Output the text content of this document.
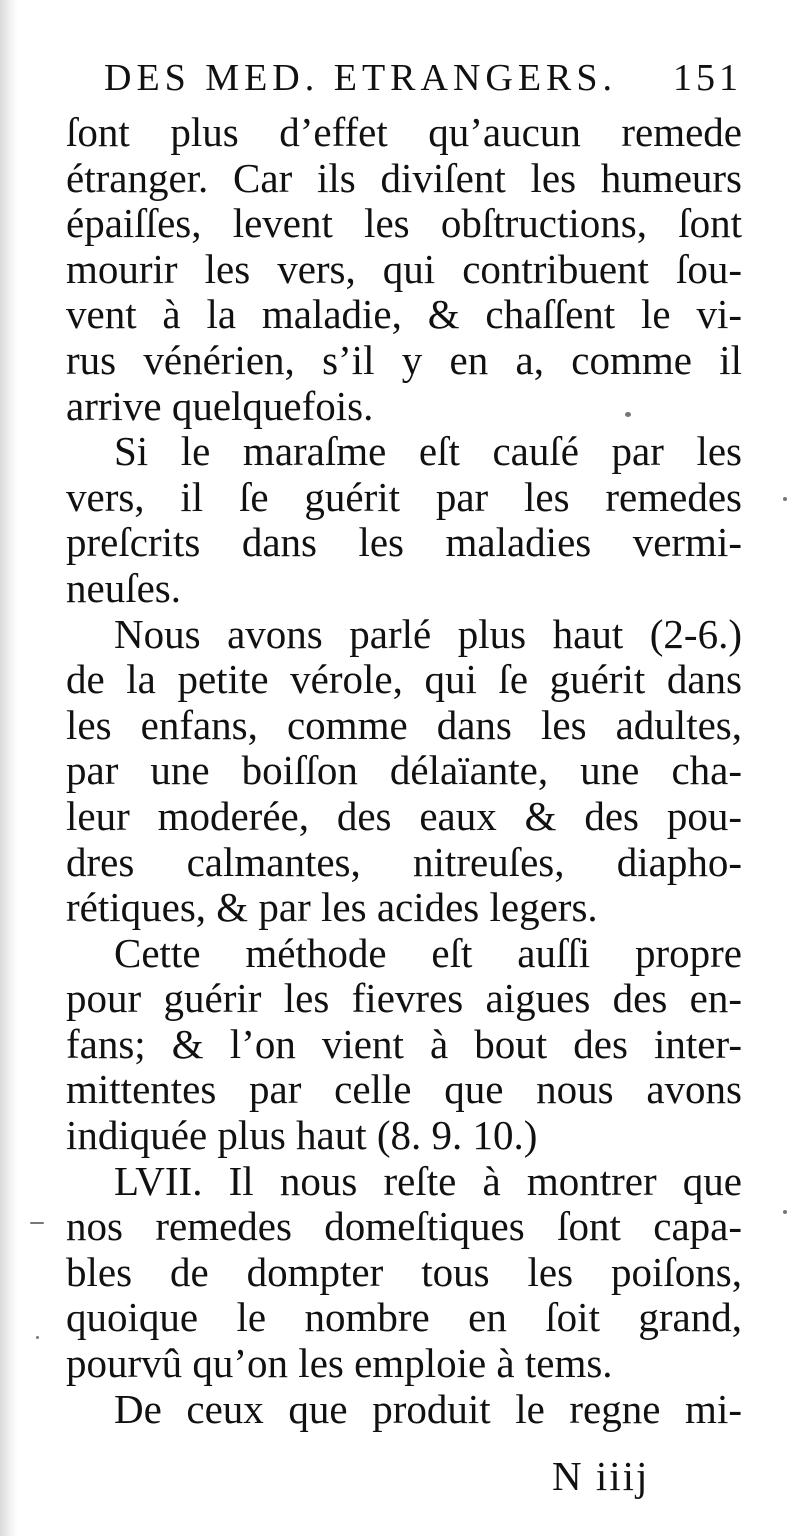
DES MED. ETRANGERS. 151
ſont plus d’effet qu’aucun remede
étranger. Car ils diviſent les humeurs
épaiſſes, levent les obſtructions, ſont
mourir les vers, qui contribuent ſou-
vent à la maladie, & chaſſent le vi-
rus vénérien, s’il y en a, comme il
arrive quelquefois.
Si le maraſme eſt cauſé par les
vers, il ſe guérit par les remedes
preſcrits dans les maladies vermi-
neuſes.
Nous avons parlé plus haut (2-6.)
de la petite vérole, qui ſe guérit dans
les enfans, comme dans les adultes,
par une boiſſon délaïante, une cha-
leur moderée, des eaux & des pou-
dres calmantes, nitreuſes, diapho-
rétiques, & par les acides legers.
Cette méthode eſt auſſi propre
pour guérir les fievres aigues des en-
fans; & l’on vient à bout des inter-
mittentes par celle que nous avons
indiquée plus haut (8. 9. 10.)
LVII. Il nous reſte à montrer que
nos remedes domeſtiques ſont capa-
bles de dompter tous les poiſons,
quoique le nombre en ſoit grand,
pourvû qu’on les emploie à tems.
De ceux que produit le regne mi-
N iiij
